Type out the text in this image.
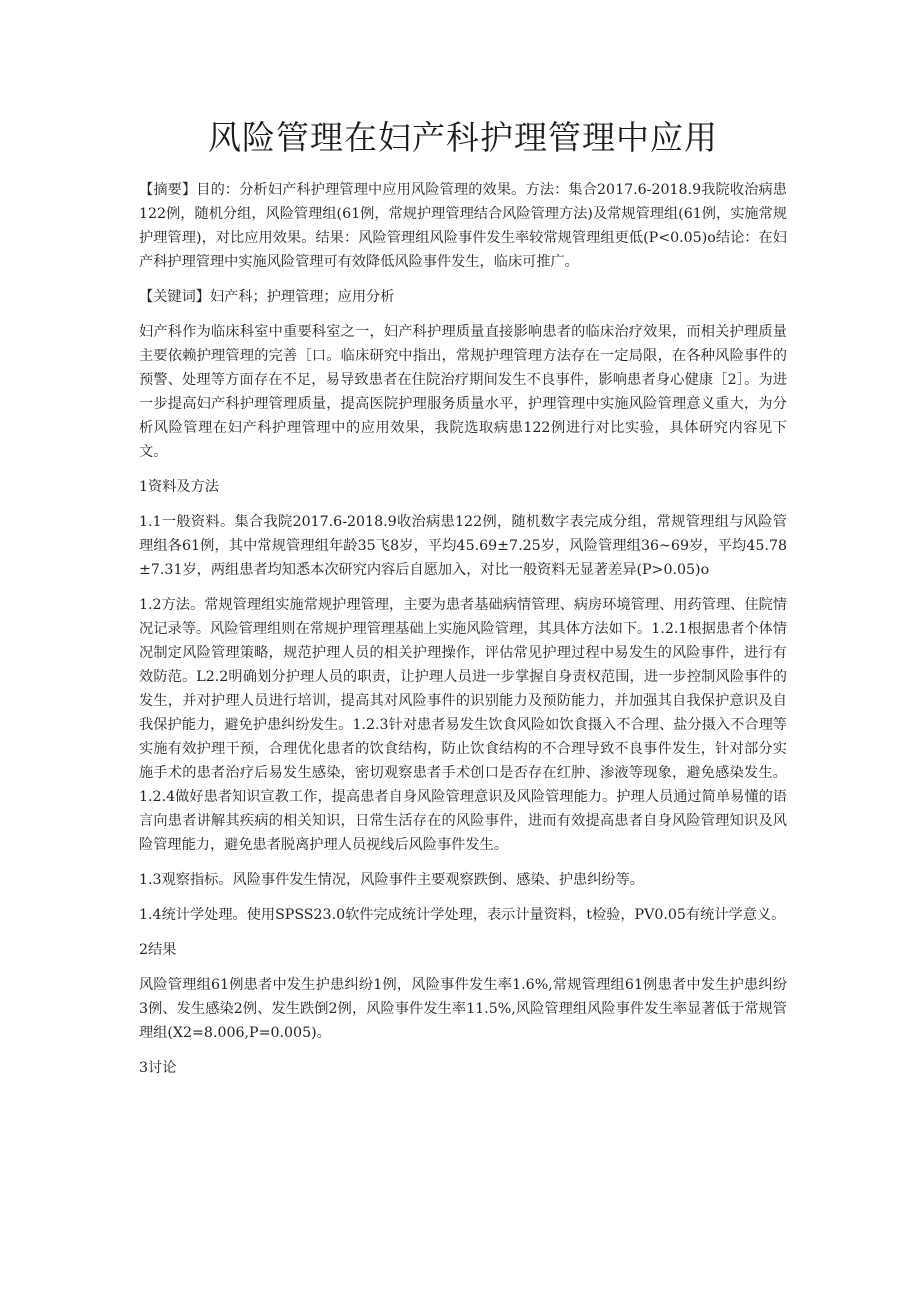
风险管理在妇产科护理管理中应用

【摘要】目的：分析妇产科护理管理中应用风险管理的效果。方法：集合2017.6-2018.9我院收治病患122例，随机分组，风险管理组(61例，常规护理管理结合风险管理方法)及常规管理组(61例，实施常规护理管理)，对比应用效果。结果：风险管理组风险事件发生率较常规管理组更低(P<0.05)o结论：在妇产科护理管理中实施风险管理可有效降低风险事件发生，临床可推广。

【关键词】妇产科；护理管理；应用分析

妇产科作为临床科室中重要科室之一，妇产科护理质量直接影响患者的临床治疗效果，而相关护理质量主要依赖护理管理的完善［口。临床研究中指出，常规护理管理方法存在一定局限，在各种风险事件的预警、处理等方面存在不足，易导致患者在住院治疗期间发生不良事件，影响患者身心健康［2］。为进一步提高妇产科护理管理质量，提高医院护理服务质量水平，护理管理中实施风险管理意义重大，为分析风险管理在妇产科护理管理中的应用效果，我院选取病患122例进行对比实验，具体研究内容见下文。

1资料及方法

1.1一般资料。集合我院2017.6-2018.9收治病患122例，随机数字表完成分组，常规管理组与风险管理组各61例，其中常规管理组年龄35飞8岁，平均45.69±7.25岁，风险管理组36~69岁，平均45.78±7.31岁，两组患者均知悉本次研究内容后自愿加入，对比一般资料无显著差异(P>0.05)o

1.2方法。常规管理组实施常规护理管理，主要为患者基础病情管理、病房环境管理、用药管理、住院情况记录等。风险管理组则在常规护理管理基础上实施风险管理，其具体方法如下。1.2.1根据患者个体情况制定风险管理策略，规范护理人员的相关护理操作，评估常见护理过程中易发生的风险事件，进行有效防范。L2.2明确划分护理人员的职责，让护理人员进一步掌握自身责权范围，进一步控制风险事件的发生，并对护理人员进行培训，提高其对风险事件的识别能力及预防能力，并加强其自我保护意识及自我保护能力，避免护患纠纷发生。1.2.3针对患者易发生饮食风险如饮食摄入不合理、盐分摄入不合理等实施有效护理干预，合理优化患者的饮食结构，防止饮食结构的不合理导致不良事件发生，针对部分实施手术的患者治疗后易发生感染，密切观察患者手术创口是否存在红肿、渗液等现象，避免感染发生。1.2.4做好患者知识宣教工作，提高患者自身风险管理意识及风险管理能力。护理人员通过简单易懂的语言向患者讲解其疾病的相关知识，日常生活存在的风险事件，进而有效提高患者自身风险管理知识及风险管理能力，避免患者脱离护理人员视线后风险事件发生。

1.3观察指标。风险事件发生情况，风险事件主要观察跌倒、感染、护患纠纷等。

1.4统计学处理。使用SPSS23.0软件完成统计学处理，表示计量资料，t检验，PV0.05有统计学意义。

2结果

风险管理组61例患者中发生护患纠纷1例，风险事件发生率1.6%,常规管理组61例患者中发生护患纠纷3例、发生感染2例、发生跌倒2例，风险事件发生率11.5%,风险管理组风险事件发生率显著低于常规管理组(X2=8.006,P=0.005)。

3讨论
